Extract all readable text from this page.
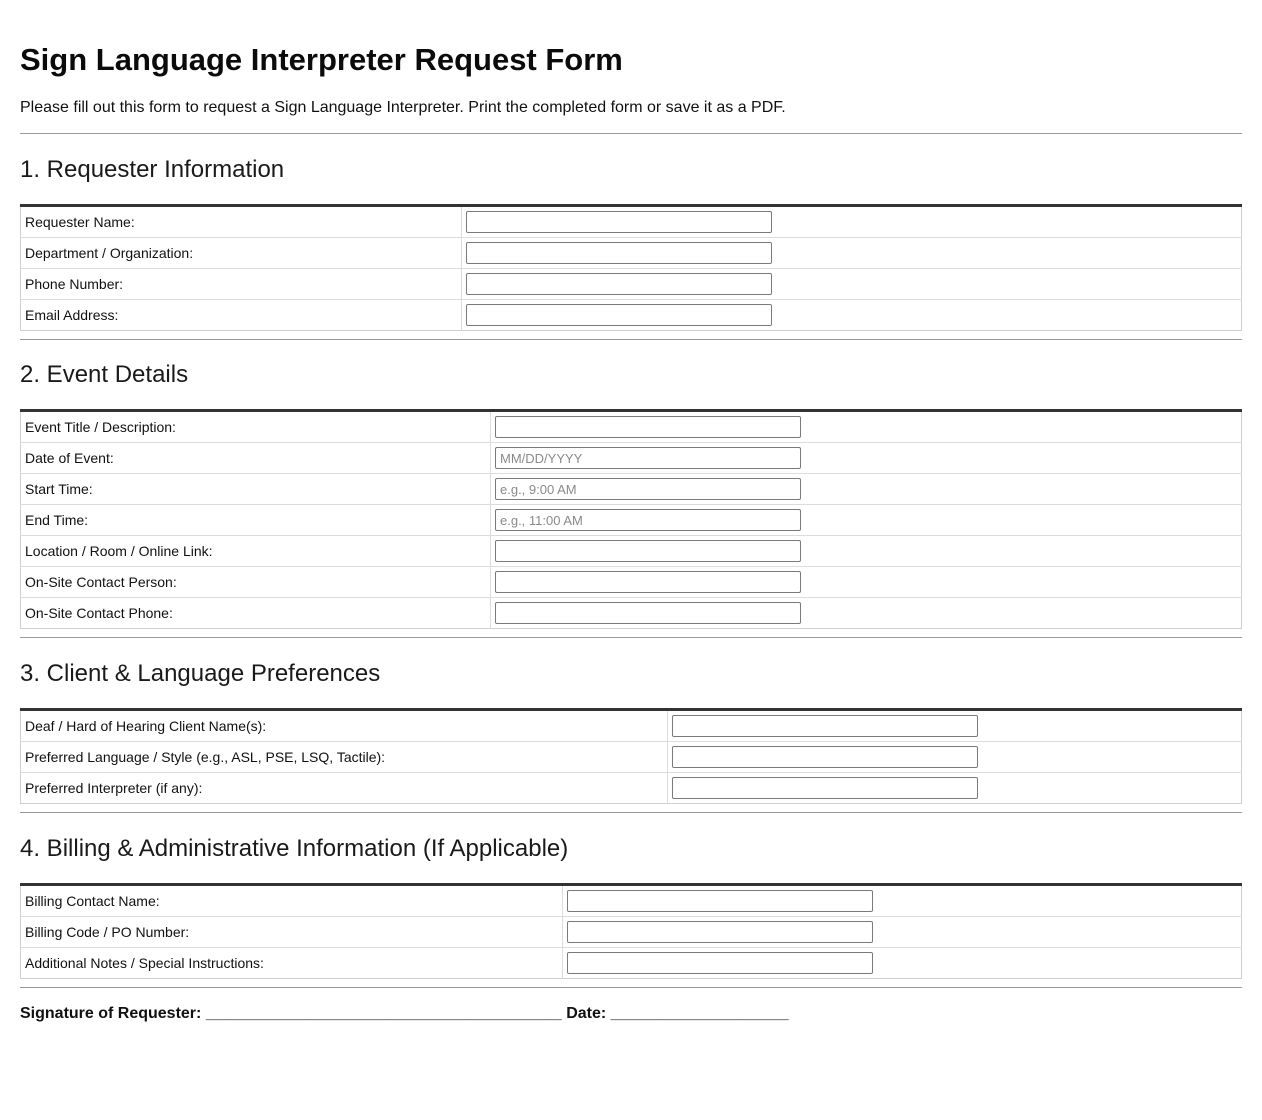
Sign Language Interpreter Request Form

Please fill out this form to request a Sign Language Interpreter. Print the completed form or save it as a PDF.

1. Requester Information
Requester Name:	

Department / Organization:	

Phone Number:	

Email Address:	
2. Event Details
Event Title / Description:	

Date of Event:	
MM/DD/YYYY
Start Time:	
e.g., 9:00 AM
End Time:	
e.g., 11:00 AM
Location / Room / Online Link:	

On-Site Contact Person:	

On-Site Contact Phone:	
3. Client & Language Preferences
Deaf / Hard of Hearing Client Name(s):	

Preferred Language / Style (e.g., ASL, PSE, LSQ, Tactile):	

Preferred Interpreter (if any):	
4. Billing & Administrative Information (If Applicable)
Billing Contact Name:	

Billing Code / PO Number:	

Additional Notes / Special Instructions:	
Signature of Requester: ________________________________________ Date: ____________________
